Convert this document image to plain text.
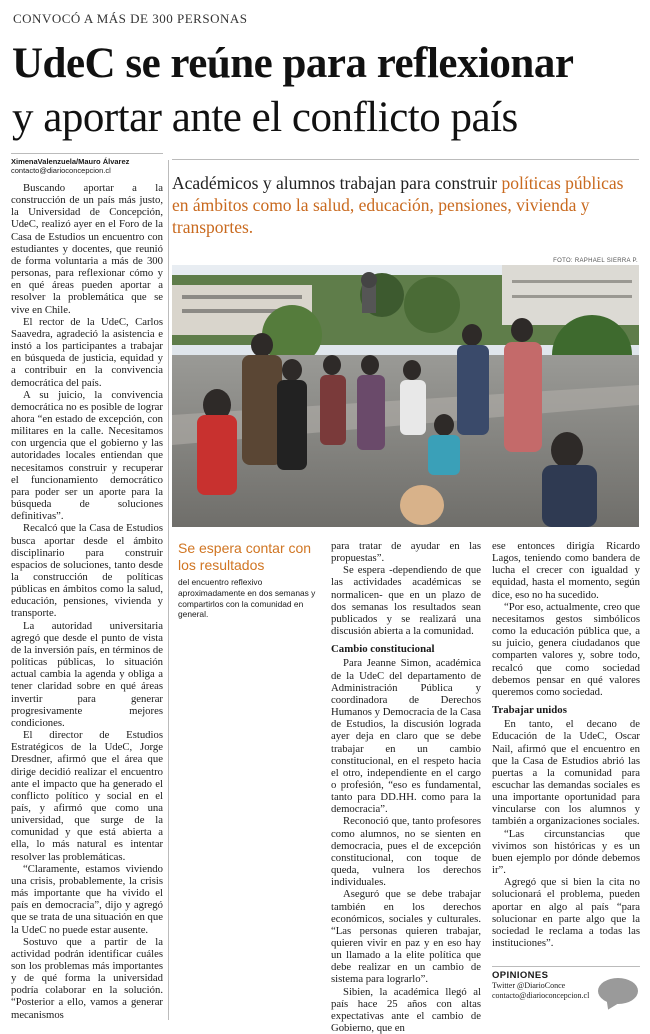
CONVOCÓ A MÁS DE 300 PERSONAS
UdeC se reúne para reflexionar
y aportar ante el conflicto país
XimenaValenzuela/Mauro Álvarez
contacto@diarioconcepcion.cl
Académicos y alumnos trabajan para construir políticas públicas en ámbitos como la salud, educación, pensiones, vivienda y transportes.
FOTO: RAPHAEL SIERRA P.
Se espera contar con los resultados
del encuentro reflexivo aproximadamente en dos semanas y compartirlos con la comunidad en general.

Buscando aportar a la construcción de un país más justo, la Universidad de Concepción, UdeC, realizó ayer en el Foro de la Casa de Estudios un encuentro con estudiantes y docentes, que reunió de forma voluntaria a más de 300 personas, para reflexionar cómo y en qué áreas pueden aportar a resolver la problemática que se vive en Chile.

El rector de la UdeC, Carlos Saavedra, agradeció la asistencia e instó a los participantes a trabajar en búsqueda de justicia, equidad y a contribuir en la convivencia democrática del país.

A su juicio, la convivencia democrática no es posible de lograr ahora “en estado de excepción, con militares en la calle. Necesitamos con urgencia que el gobierno y las autoridades locales entiendan que necesitamos construir y recuperar el funcionamiento democrático para poder ser un aporte para la búsqueda de soluciones definitivas”.

Recalcó que la Casa de Estudios busca aportar desde el ámbito disciplinario para construir espacios de soluciones, tanto desde la construcción de políticas públicas en ámbitos como la salud, educación, pensiones, vivienda y transporte.

La autoridad universitaria agregó que desde el punto de vista de la inversión país, en términos de políticas públicas, lo situación actual cambia la agenda y obliga a tener claridad sobre en qué áreas invertir para generar progresivamente mejores condiciones.

El director de Estudios Estratégicos de la UdeC, Jorge Dresdner, afirmó que el área que dirige decidió realizar el encuentro ante el impacto que ha generado el conflicto político y social en el país, y afirmó que como una universidad, que surge de la comunidad y que está abierta a ella, lo más natural es intentar resolver las problemáticas.

“Claramente, estamos viviendo una crisis, probablemente, la crisis más importante que ha vivido el país en democracia”, dijo y agregó que se trata de una situación en que la UdeC no puede estar ausente.

Sostuvo que a partir de la actividad podrán identificar cuáles son los problemas más importantes y de qué forma la universidad podría colaborar en la solución. “Posterior a ello, vamos a generar mecanismos

para tratar de ayudar en las propuestas”.

Se espera -dependiendo de que las actividades académicas se normalicen- que en un plazo de dos semanas los resultados sean publicados y se realizará una discusión abierta a la comunidad.

Cambio constitucional

Para Jeanne Simon, académica de la UdeC del departamento de Administración Pública y coordinadora de Derechos Humanos y Democracia de la Casa de Estudios, la discusión lograda ayer deja en claro que se debe trabajar en un cambio constitucional, en el respeto hacia el otro, independiente en el cargo o profesión, “eso es fundamental, tanto para DD.HH. como para la democracia”.

Reconoció que, tanto profesores como alumnos, no se sienten en democracia, pues el de excepción constitucional, con toque de queda, vulnera los derechos individuales.

Aseguró que se debe trabajar también en los derechos económicos, sociales y culturales. “Las personas quieren trabajar, quieren vivir en paz y en eso hay un llamado a la elite política que debe realizar en un cambio de sistema para lograrlo”.

Sibien, la académica llegó al país hace 25 años con altas expectativas ante el cambio de Gobierno, que en

ese entonces dirigía Ricardo Lagos, teniendo como bandera de lucha el crecer con igualdad y equidad, hasta el momento, según dice, eso no ha sucedido.

“Por eso, actualmente, creo que necesitamos gestos simbólicos como la educación pública que, a su juicio, genera ciudadanos que comparten valores y, sobre todo, recalcó que como sociedad debemos pensar en qué valores queremos como sociedad.

Trabajar unidos

En tanto, el decano de Educación de la UdeC, Oscar Nail, afirmó que el encuentro en que la Casa de Estudios abrió las puertas a la comunidad para escuchar las demandas sociales es una importante oportunidad para vincularse con los alumnos y también a organizaciones sociales.

“Las circunstancias que vivimos son históricas y es un buen ejemplo por dónde debemos ir”.

Agregó que si bien la cita no solucionará el problema, pueden aportar en algo al país “para solucionar en parte algo que la sociedad le reclama a todas las instituciones”.

OPINIONES
Twitter @DiarioConce
contacto@diarioconcepcion.cl
